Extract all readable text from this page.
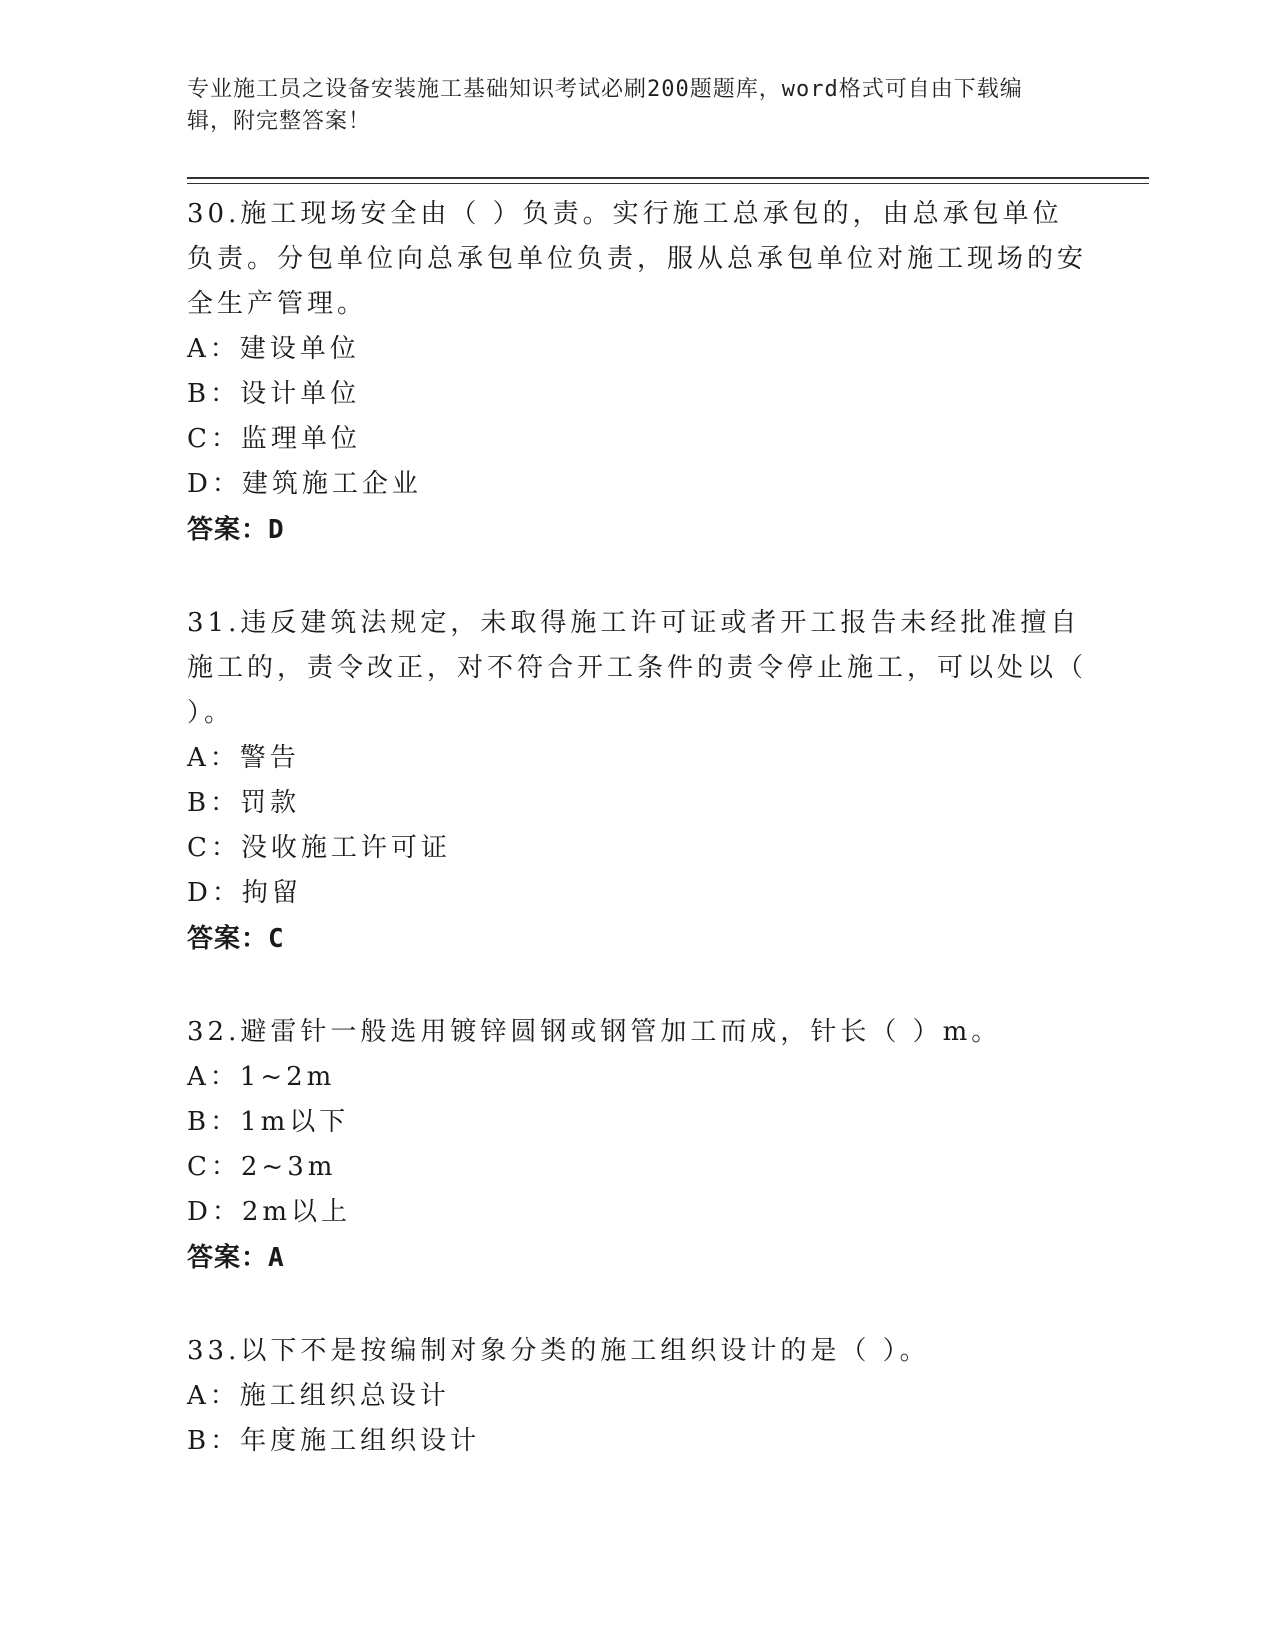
专业施工员之设备安装施工基础知识考试必刷200题题库，word格式可自由下载编辑，附完整答案！

30.施工现场安全由（ ）负责。实行施工总承包的，由总承包单位负责。分包单位向总承包单位负责，服从总承包单位对施工现场的安全生产管理。

A：建设单位

B：设计单位

C：监理单位

D：建筑施工企业

答案：D

31.违反建筑法规定，未取得施工许可证或者开工报告未经批准擅自施工的，责令改正，对不符合开工条件的责令停止施工，可以处以（ ）。

A：警告

B：罚款

C：没收施工许可证

D：拘留

答案：C

32.避雷针一般选用镀锌圆钢或钢管加工而成，针长（ ）m。

A：1~2m

B：1m以下

C：2~3m

D：2m以上

答案：A

33.以下不是按编制对象分类的施工组织设计的是（ ）。

A：施工组织总设计

B：年度施工组织设计
